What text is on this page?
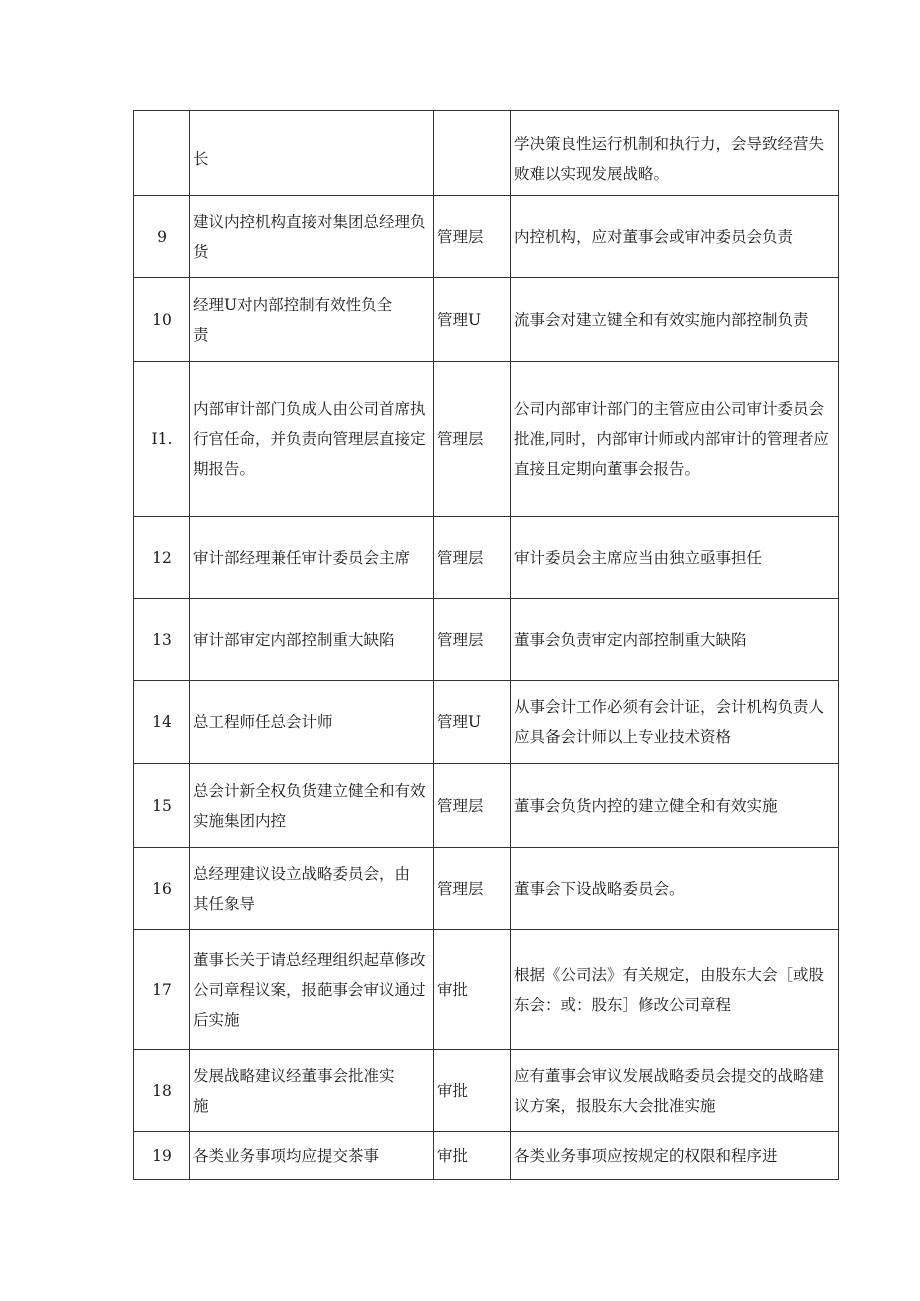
	长		学决策良性运行机制和执行力，会导致经营失败难以实现发展战略。

9	建议内控机构直接对集团总经理负货	管理层	内控机构，应对董事会或审冲委员会负责
10	经理U对内部控制有效性负全责	管理U	流事会对建立键全和有效实施内部控制负责

I1.	内部审计部门负成人由公司首席执行官任命，并负责向管理层直接定期报告。	管理层	公司内部审计部门的主管应由公司审计委员会批准,同时，内部审计师或内部审计的管理者应直接且定期向董事会报告。
12	审计部经理兼任审计委员会主席	管理层	审计委员会主席应当由独立亟事担任
13	审计部审定内部控制重大缺陷	管理层	董事会负责审定内部控制重大缺陷
14	总工程师任总会计师	管理U	从事会计工作必须有会计证，会计机构负责人应具备会计师以上专业技术资格
15	总会计新全权负货建立健全和有效实施集团内控	管理层	董事会负货内控的建立健全和有效实施
16	总经理建议设立战略委员会，由其任象导	管理层	董事会下设战略委员会。
17	董事长关于请总经理组织起草修改公司章程议案，报葩事会审议通过后实施	审批	根据《公司法》有关规定，由股东大会［或股东会：或：股东］修改公司章程
18	发展战略建议经董事会批准实施	审批	应有董事会审议发展战略委员会提交的战略建议方案，报股东大会批准实施
19	各类业务事项均应提交茶事	审批	各类业务事项应按规定的权限和程序进
